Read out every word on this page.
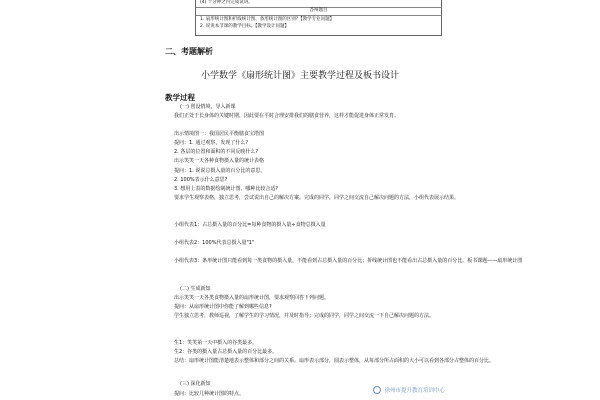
(4) 十分钟之内完成试讲。
答辩题目
1. 扇形统计图和折线统计图、条形统计图的区别?【教学专业问题】
2. 说说本节课的教学目标。【教学设计问题】
二、考题解析
小学数学《扇形统计图》主要教学过程及板书设计
教学过程
(一) 创设情境，导入新课
我们正处于长身体的关键时期，因此要在平时合理安排我们的膳食营养，这样才能促进身体正常发育。
出示情境图一：我国居民平衡膳食宝塔图
提问：1. 通过观察，发现了什么?
2. 各层的位置和面积的不同反映什么?
出示笑笑一天各种食物摄入量的统计表格
提问：1. 说说总摄入量的百分比的意思。
2. 100%表示什么意思?
3. 想用上表的数据绘制统计图，哪种比较合适?
要求学生观察表格，独立思考，尝试说出自己的解决方案。完成的同学，同学之间交流自己解决问题的方法，小组代表展示结果。
小组代表1：占总摄入量的百分比=每种食物的摄入量÷食物总摄入量
小组代表2：100%代表总摄入量"1"
小组代表3：条形统计图只能看到每一类食物的摄入量，不能看到占总摄入量的百分比；折线统计图也不能看出占总摄入量的百分比。板书课题——扇形统计图
(二) 生成新知
出示笑笑一天各类食物摄入量的扇形统计图，要求观察回答下列问题。
提问：从扇形统计图中你能了解到哪些信息?
学生独立思考，教师巡视，了解学生的学习情况，并及时指导；完成的同学，同学之间交流一下自己解决问题的方法。
生1：笑笑第一天中摄入的谷类最多。
生2：谷类的摄入量占总摄入量的百分比最多。
总结：扇形统计图能清楚地表示整体和部分之间的关系。扇形表示部分，圆表示整体，从每部分所占面积的大小可以看到各部分占整体的百分比。
(三) 深化新知
提问：比较几种统计图的特点。	徐州市提升教育培训中心
